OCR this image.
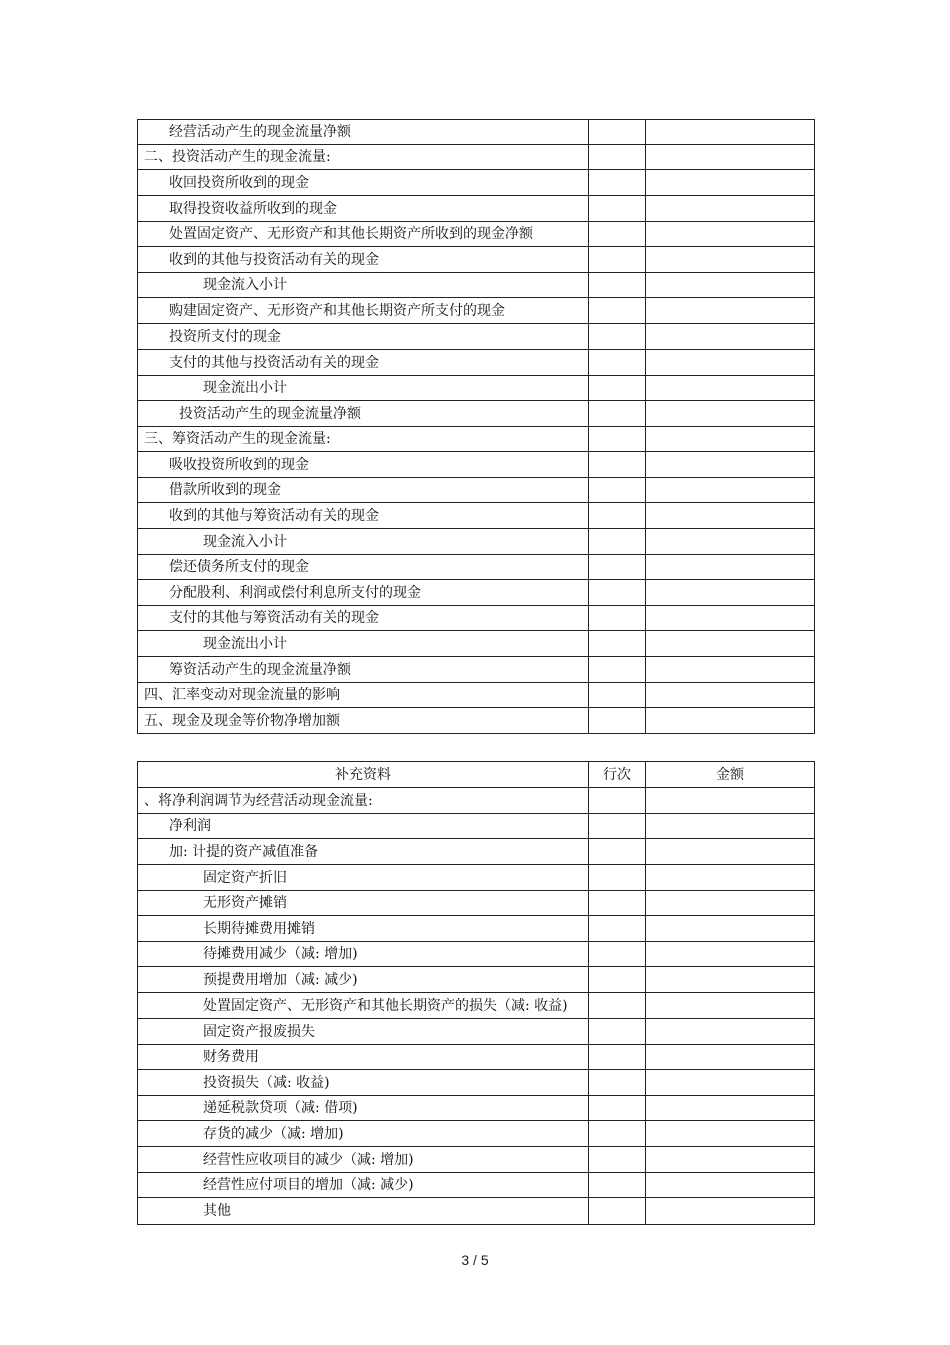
经营活动产生的现金流量净额		
二、投资活动产生的现金流量:		
收回投资所收到的现金		
取得投资收益所收到的现金		
处置固定资产、无形资产和其他长期资产所收到的现金净额		
收到的其他与投资活动有关的现金		
现金流入小计		
购建固定资产、无形资产和其他长期资产所支付的现金		
投资所支付的现金		
支付的其他与投资活动有关的现金		
现金流出小计		
投资活动产生的现金流量净额		
三、筹资活动产生的现金流量:		
吸收投资所收到的现金		
借款所收到的现金		
收到的其他与筹资活动有关的现金		
现金流入小计		
偿还债务所支付的现金		
分配股利、利润或偿付利息所支付的现金		
支付的其他与筹资活动有关的现金		
现金流出小计		
筹资活动产生的现金流量净额		
四、汇率变动对现金流量的影响		
五、现金及现金等价物净增加额		
补充资料	行次	金额
、将净利润调节为经营活动现金流量:		
净利润		
加: 计提的资产减值准备		
固定资产折旧		
无形资产摊销		
长期待摊费用摊销		
待摊费用减少（减: 增加)		
预提费用增加（减: 减少)		
处置固定资产、无形资产和其他长期资产的损失（减: 收益)		
固定资产报废损失		
财务费用		
投资损失（减: 收益)		
递延税款贷项（减: 借项)		
存货的减少（减: 增加)		
经营性应收项目的减少（减: 增加)		
经营性应付项目的增加（减: 减少)		
其他		
3 / 5
